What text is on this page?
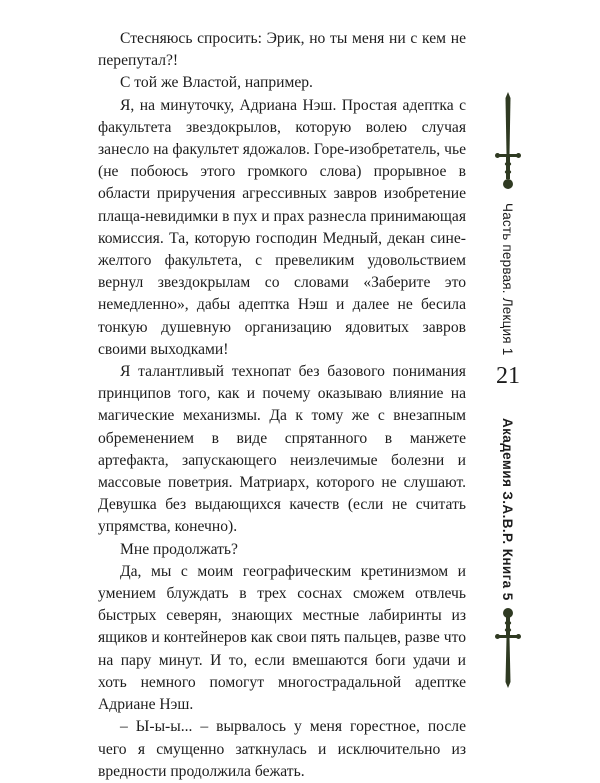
Стесняюсь спросить: Эрик, но ты меня ни с кем не перепутал?!

С той же Властой, например.

Я, на минуточку, Адриана Нэш. Простая адептка с факультета звездокрылов, которую волею случая занесло на факультет ядожалов. Горе-изобретатель, чье (не побоюсь этого громкого слова) прорывное в области приручения агрессивных завров изобретение плаща-невидимки в пух и прах разнесла принимающая комиссия. Та, которую господин Медный, декан сине-желтого факультета, с превеликим удовольствием вернул звездокрылам со словами «Заберите это немедленно», дабы адептка Нэш и далее не бесила тонкую душевную организацию ядовитых завров своими выходками!

Я талантливый технопат без базового понимания принципов того, как и почему оказываю влияние на магические механизмы. Да к тому же с внезапным обременением в виде спрятанного в манжете артефакта, запускающего неизлечимые болезни и массовые поветрия. Матриарх, которого не слушают. Девушка без выдающихся качеств (если не считать упрямства, конечно).

Мне продолжать?

Да, мы с моим географическим кретинизмом и умением блуждать в трех соснах сможем отвлечь быстрых северян, знающих местные лабиринты из ящиков и контейнеров как свои пять пальцев, разве что на пару минут. И то, если вмешаются боги удачи и хоть немного помогут многострадальной адептке Адриане Нэш.

– Ы-ы-ы... – вырвалось у меня горестное, после чего я смущенно заткнулась и исключительно из вредности продолжила бежать.

Часть первая. Лекция 1
21
Академия З.А.В.Р. Книга 5
